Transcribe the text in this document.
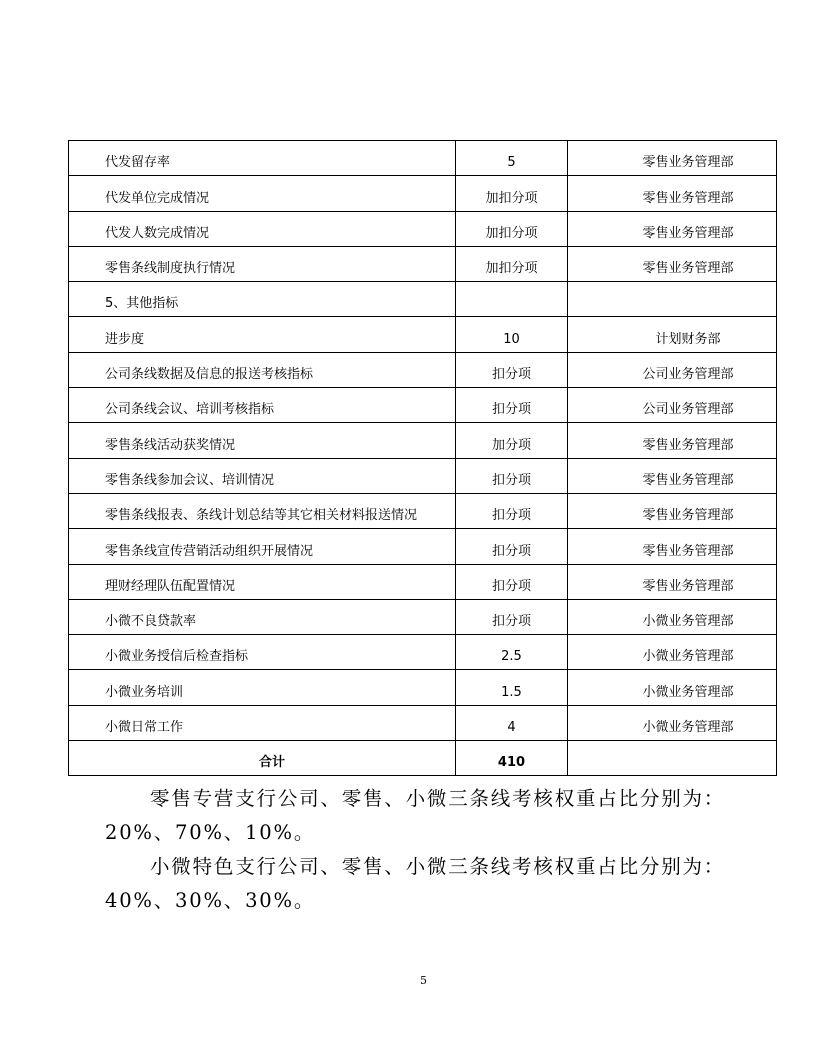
代发留存率	5	零售业务管理部
代发单位完成情况	加扣分项	零售业务管理部
代发人数完成情况	加扣分项	零售业务管理部
零售条线制度执行情况	加扣分项	零售业务管理部
5、其他指标		
进步度	10	计划财务部
公司条线数据及信息的报送考核指标	扣分项	公司业务管理部
公司条线会议、培训考核指标	扣分项	公司业务管理部
零售条线活动获奖情况	加分项	零售业务管理部
零售条线参加会议、培训情况	扣分项	零售业务管理部
零售条线报表、条线计划总结等其它相关材料报送情况	扣分项	零售业务管理部
零售条线宣传营销活动组织开展情况	扣分项	零售业务管理部
理财经理队伍配置情况	扣分项	零售业务管理部
小微不良贷款率	扣分项	小微业务管理部
小微业务授信后检查指标	2.5	小微业务管理部
小微业务培训	1.5	小微业务管理部
小微日常工作	4	小微业务管理部
合计	410	

零售专营支行公司、零售、小微三条线考核权重占比分别为：

20%、70%、10%。

小微特色支行公司、零售、小微三条线考核权重占比分别为：

40%、30%、30%。

5
